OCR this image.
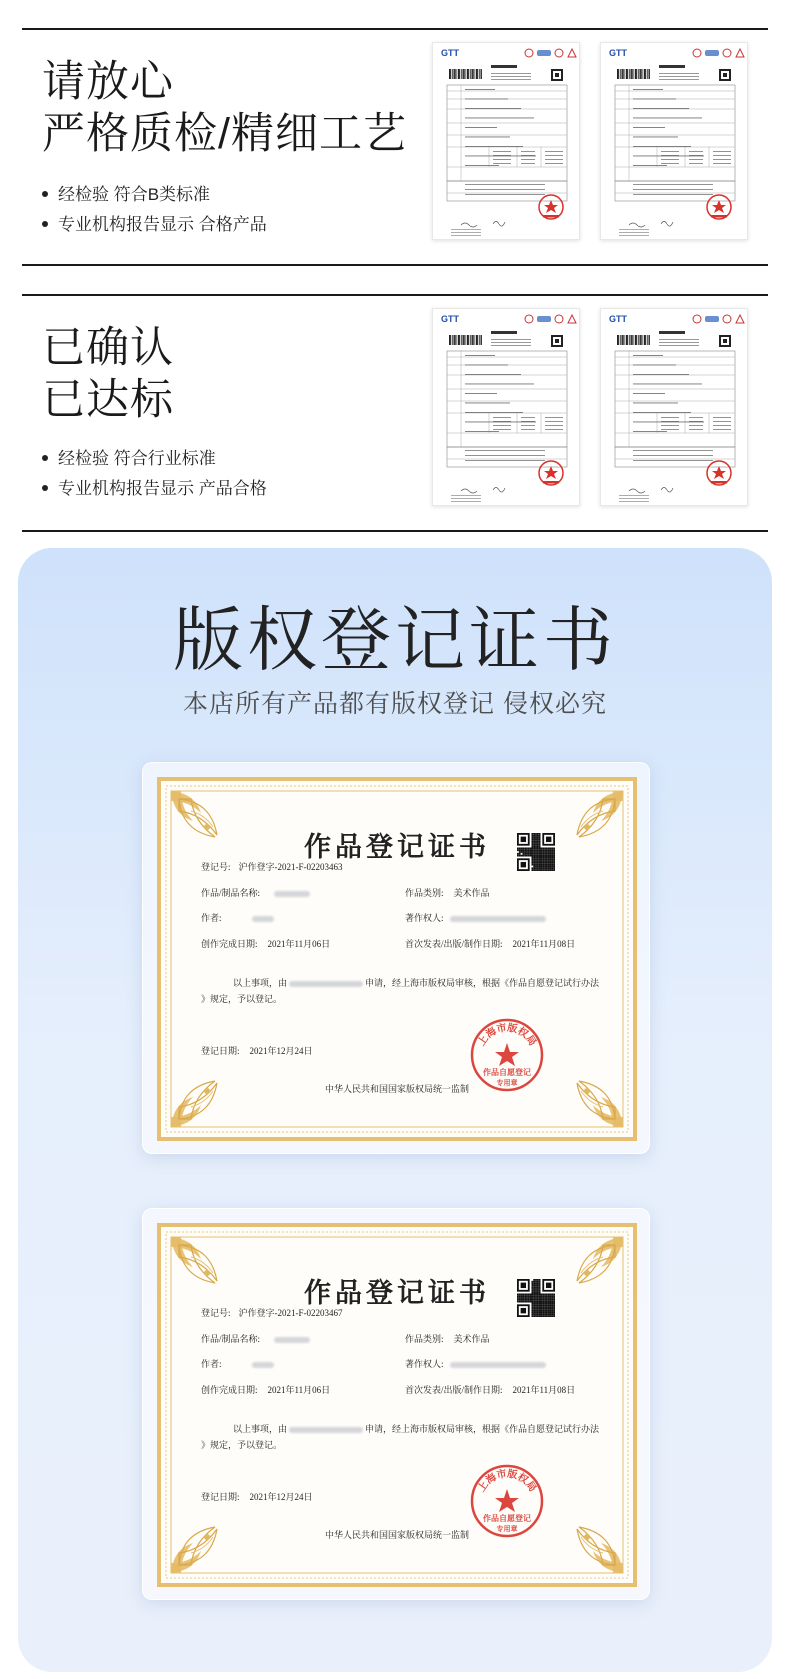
请放心
严格质检/精细工艺
经检验 符合B类标准
专业机构报告显示 合格产品
GTT	GTT
已确认
已达标
经检验 符合行业标准
专业机构报告显示 产品合格
GTT	GTT
版权登记证书
本店所有产品都有版权登记 侵权必究
作品登记证书
登记号: 沪作登字-2021-F-02203463
作品/制品名称:	作品类别: 美术作品
作者:	著作权人:
创作完成日期: 2021年11月06日	首次发表/出版/制作日期: 2021年11月08日
以上事项，由	申请，经上海市版权局审核，根据《作品自愿登记试行办法
》规定，予以登记。
登记日期: 2021年12月24日
中华人民共和国国家版权局统一监制
上海市版权局
作品自愿登记
专用章
作品登记证书
登记号: 沪作登字-2021-F-02203467
作品/制品名称:	作品类别: 美术作品
作者:	著作权人:
创作完成日期: 2021年11月06日	首次发表/出版/制作日期: 2021年11月08日
以上事项，由	申请，经上海市版权局审核，根据《作品自愿登记试行办法
》规定，予以登记。
登记日期: 2021年12月24日
中华人民共和国国家版权局统一监制
上海市版权局
作品自愿登记
专用章
